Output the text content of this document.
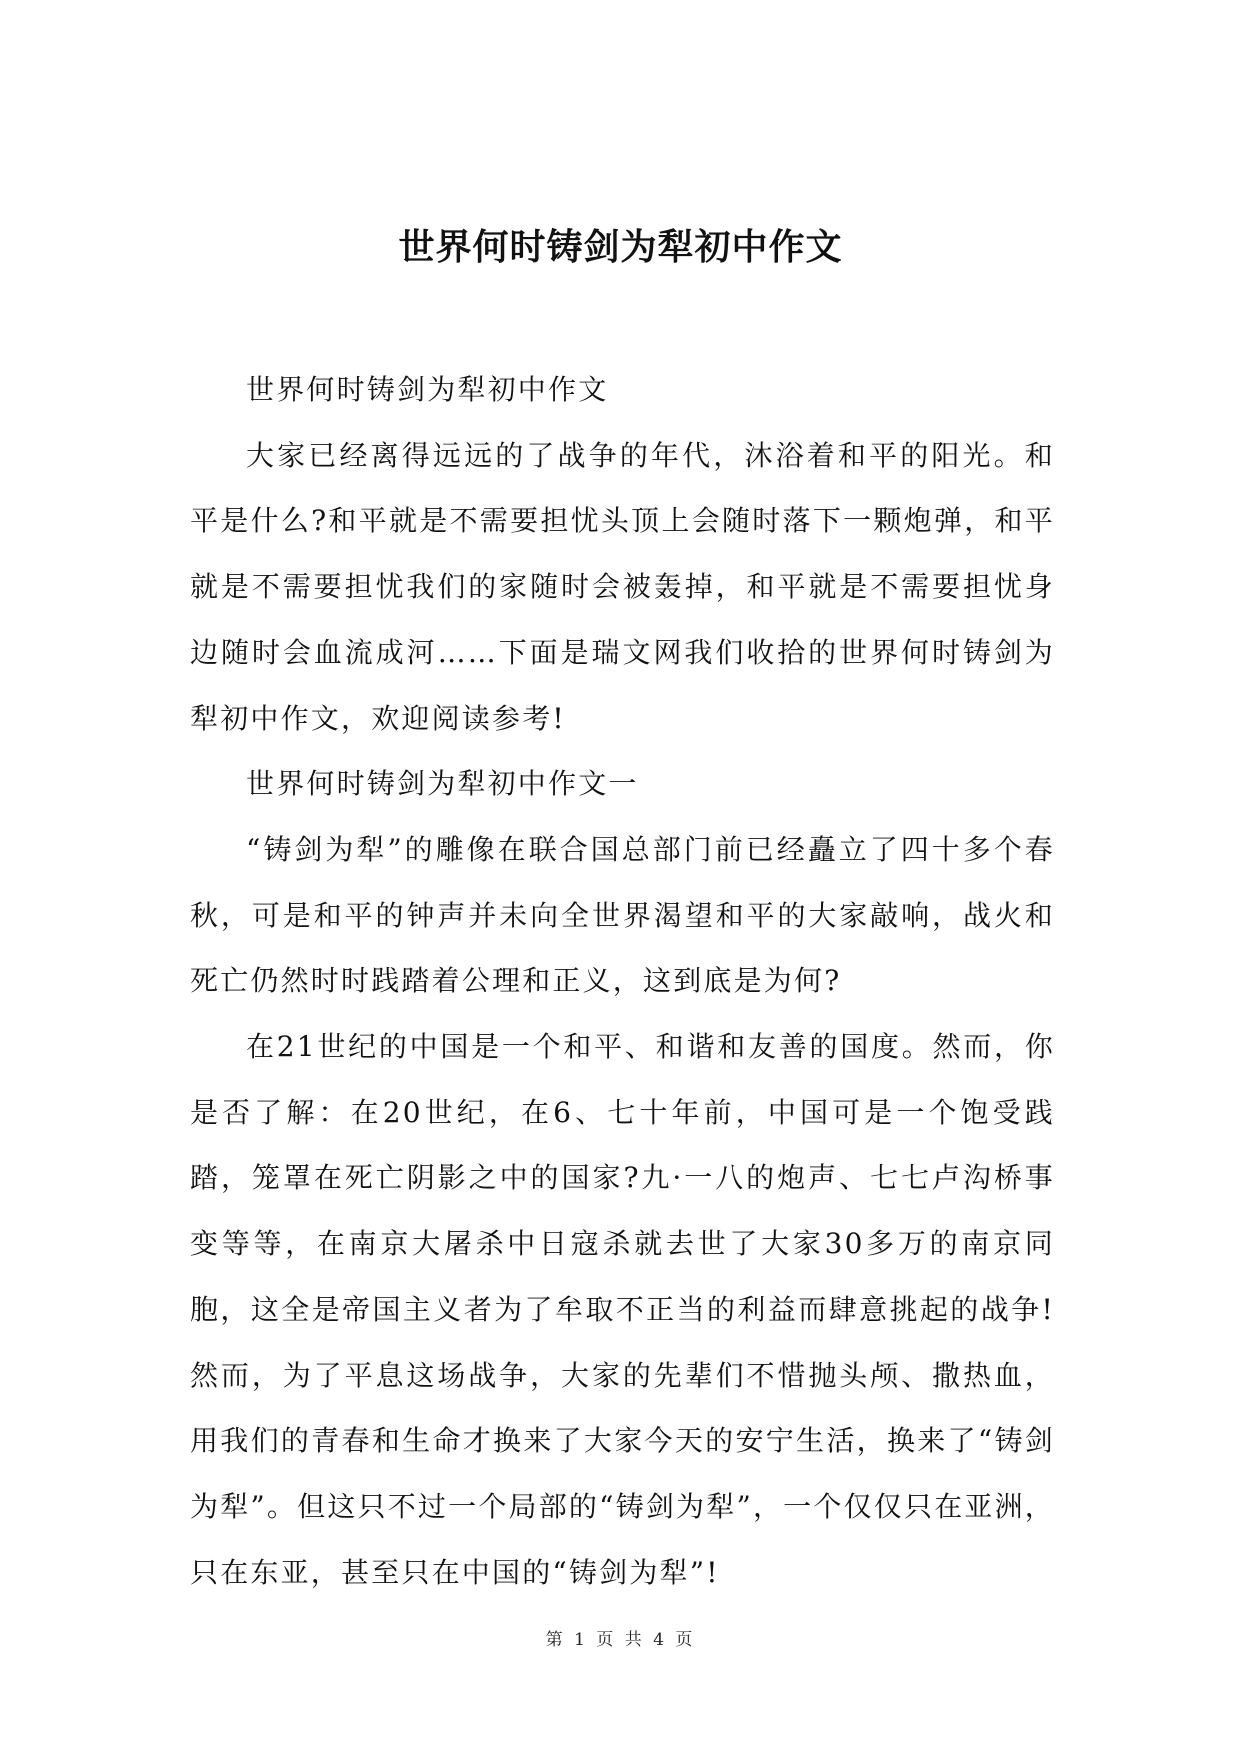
世界何时铸剑为犁初中作文

世界何时铸剑为犁初中作文

大家已经离得远远的了战争的年代，沐浴着和平的阳光。和平是什么?和平就是不需要担忧头顶上会随时落下一颗炮弹，和平就是不需要担忧我们的家随时会被轰掉，和平就是不需要担忧身边随时会血流成河……下面是瑞文网我们收拾的世界何时铸剑为犁初中作文，欢迎阅读参考!

世界何时铸剑为犁初中作文一

“铸剑为犁”的雕像在联合国总部门前已经矗立了四十多个春秋，可是和平的钟声并未向全世界渴望和平的大家敲响，战火和死亡仍然时时践踏着公理和正义，这到底是为何?

在21世纪的中国是一个和平、和谐和友善的国度。然而，你是否了解：在20世纪，在6、七十年前，中国可是一个饱受践踏，笼罩在死亡阴影之中的国家?九·一八的炮声、七七卢沟桥事变等等，在南京大屠杀中日寇杀就去世了大家30多万的南京同胞，这全是帝国主义者为了牟取不正当的利益而肆意挑起的战争!然而，为了平息这场战争，大家的先辈们不惜抛头颅、撒热血，用我们的青春和生命才换来了大家今天的安宁生活，换来了“铸剑为犁”。但这只不过一个局部的“铸剑为犁”，一个仅仅只在亚洲，只在东亚，甚至只在中国的“铸剑为犁”!

第 1 页 共 4 页
